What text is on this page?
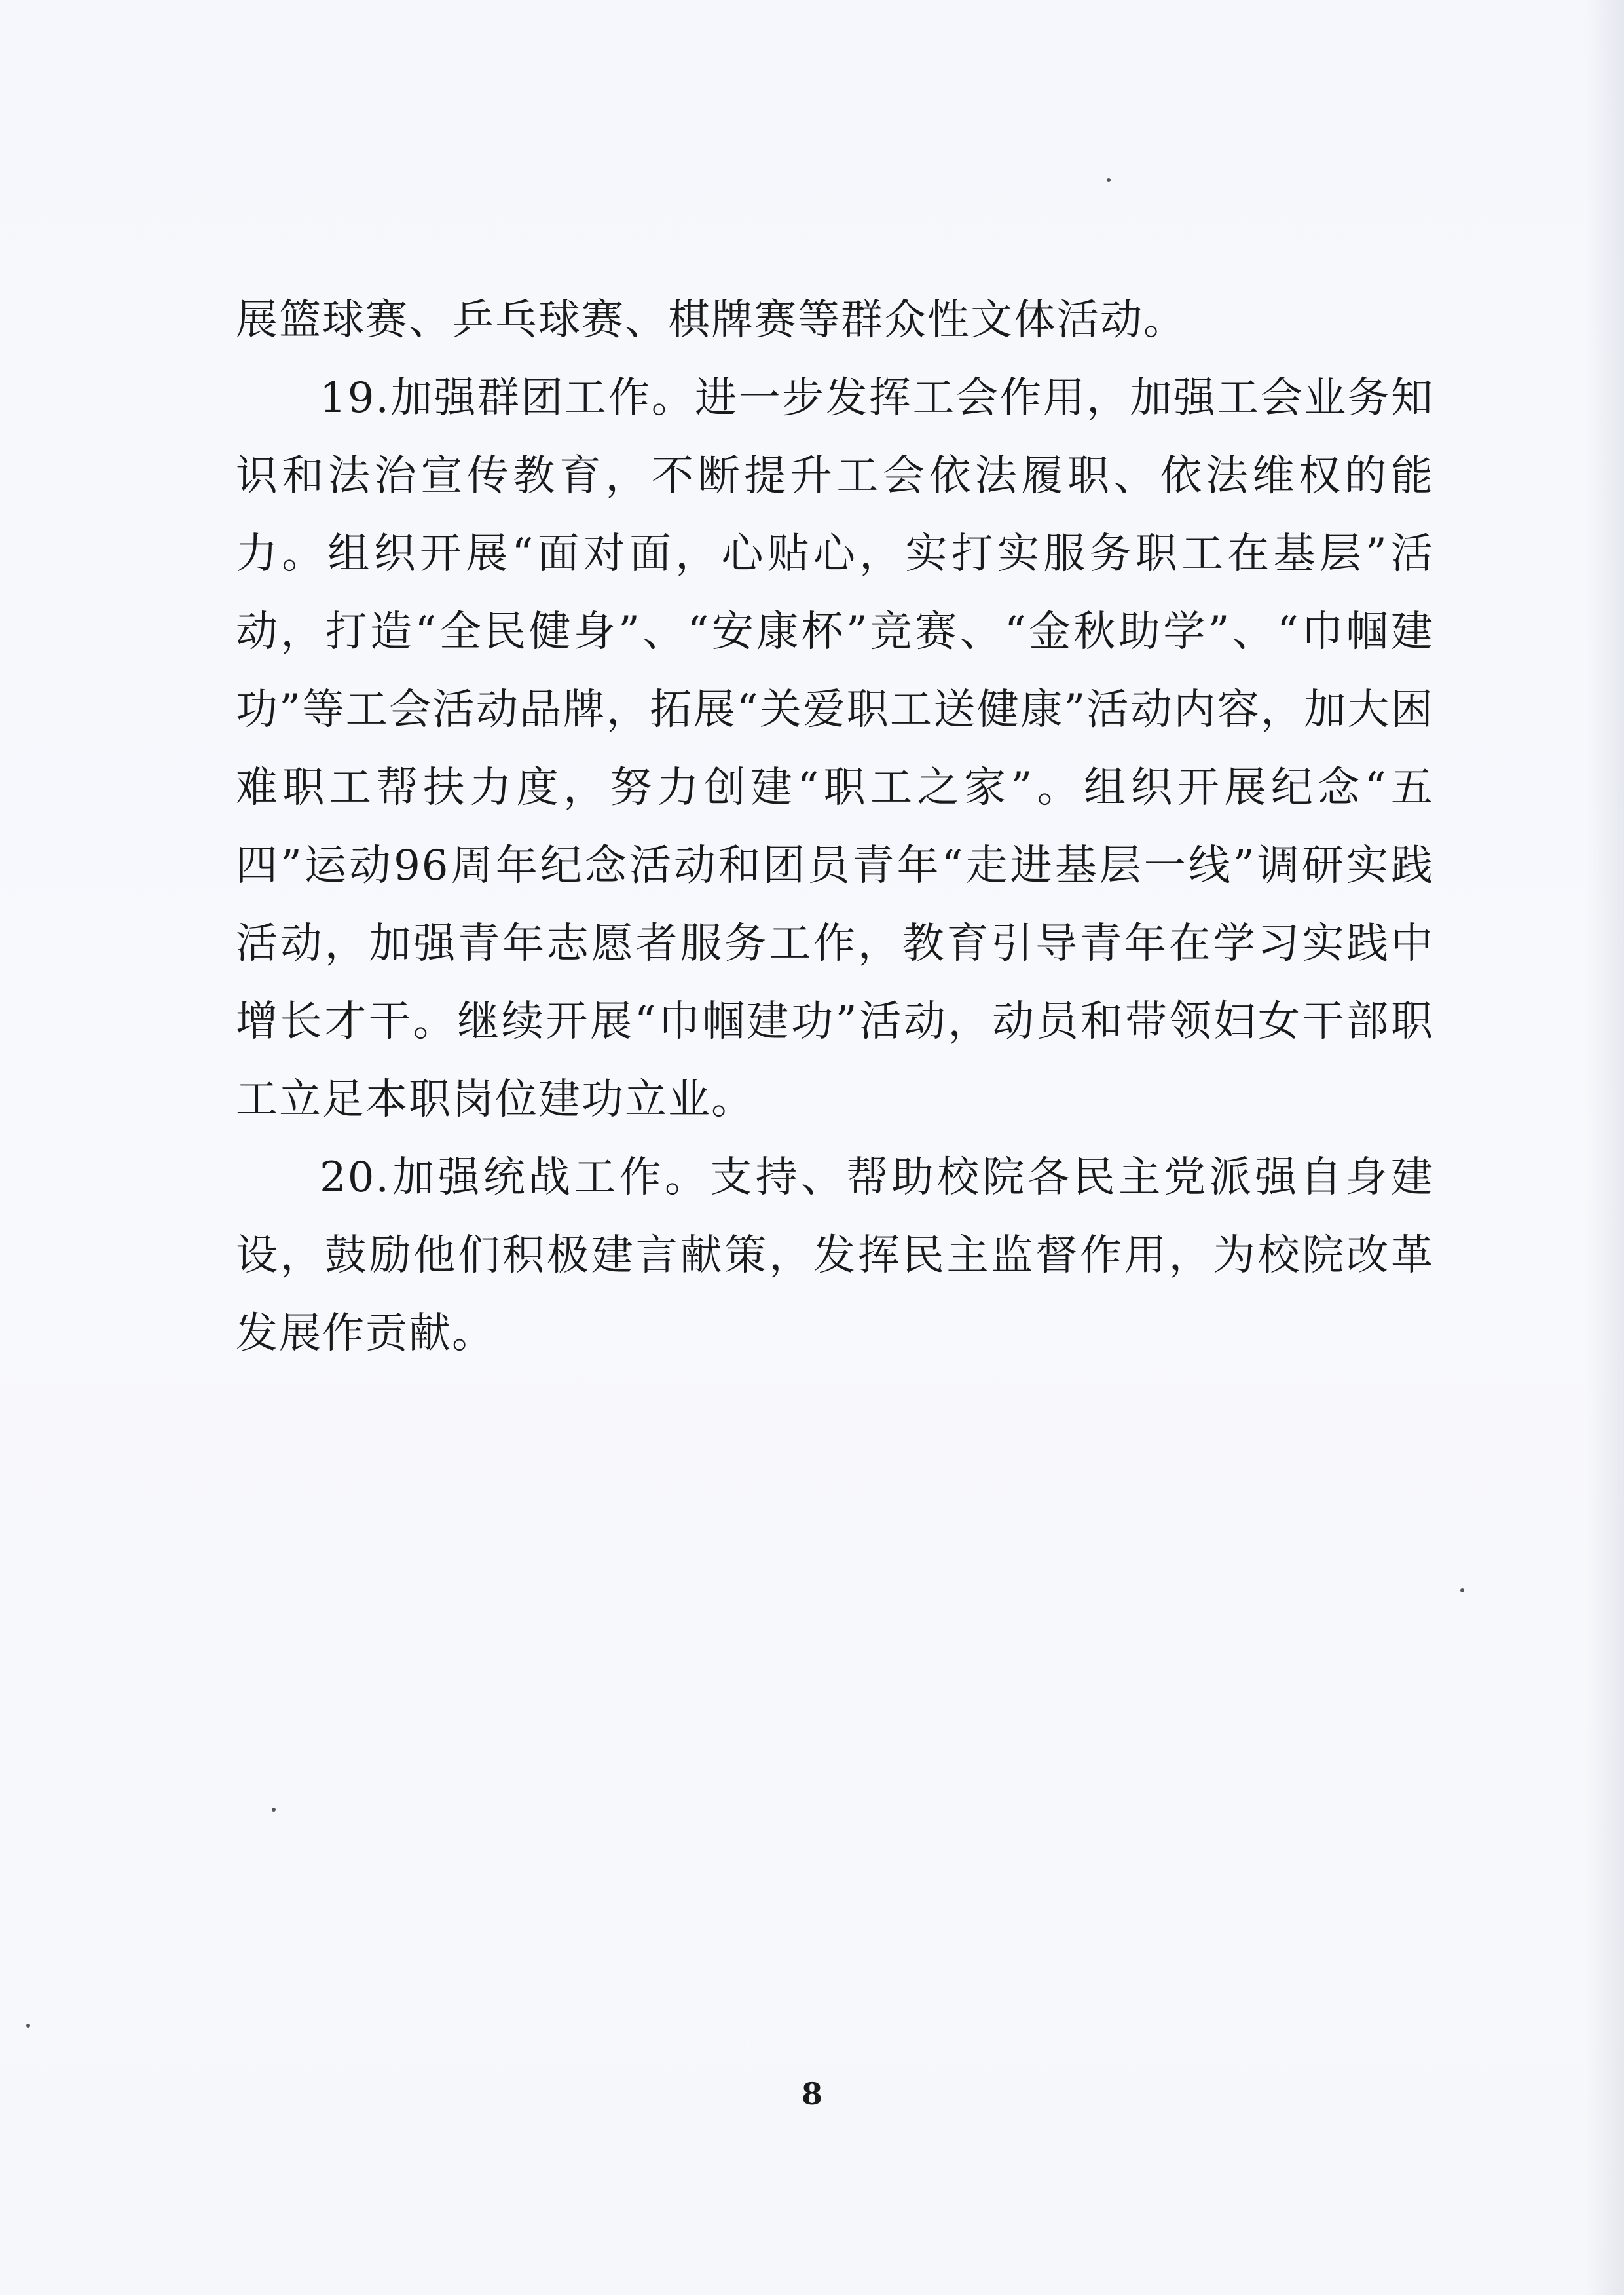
展篮球赛、乒乓球赛、棋牌赛等群众性文体活动。

19.加强群团工作。进一步发挥工会作用，加强工会业务知识和法治宣传教育，不断提升工会依法履职、依法维权的能力。组织开展“面对面，心贴心，实打实服务职工在基层”活动，打造“全民健身”、“安康杯”竞赛、“金秋助学”、“巾帼建功”等工会活动品牌，拓展“关爱职工送健康”活动内容，加大困难职工帮扶力度，努力创建“职工之家”。组织开展纪念“五四”运动96周年纪念活动和团员青年“走进基层一线”调研实践活动，加强青年志愿者服务工作，教育引导青年在学习实践中增长才干。继续开展“巾帼建功”活动，动员和带领妇女干部职工立足本职岗位建功立业。

20.加强统战工作。支持、帮助校院各民主党派强自身建设，鼓励他们积极建言献策，发挥民主监督作用，为校院改革发展作贡献。

8
